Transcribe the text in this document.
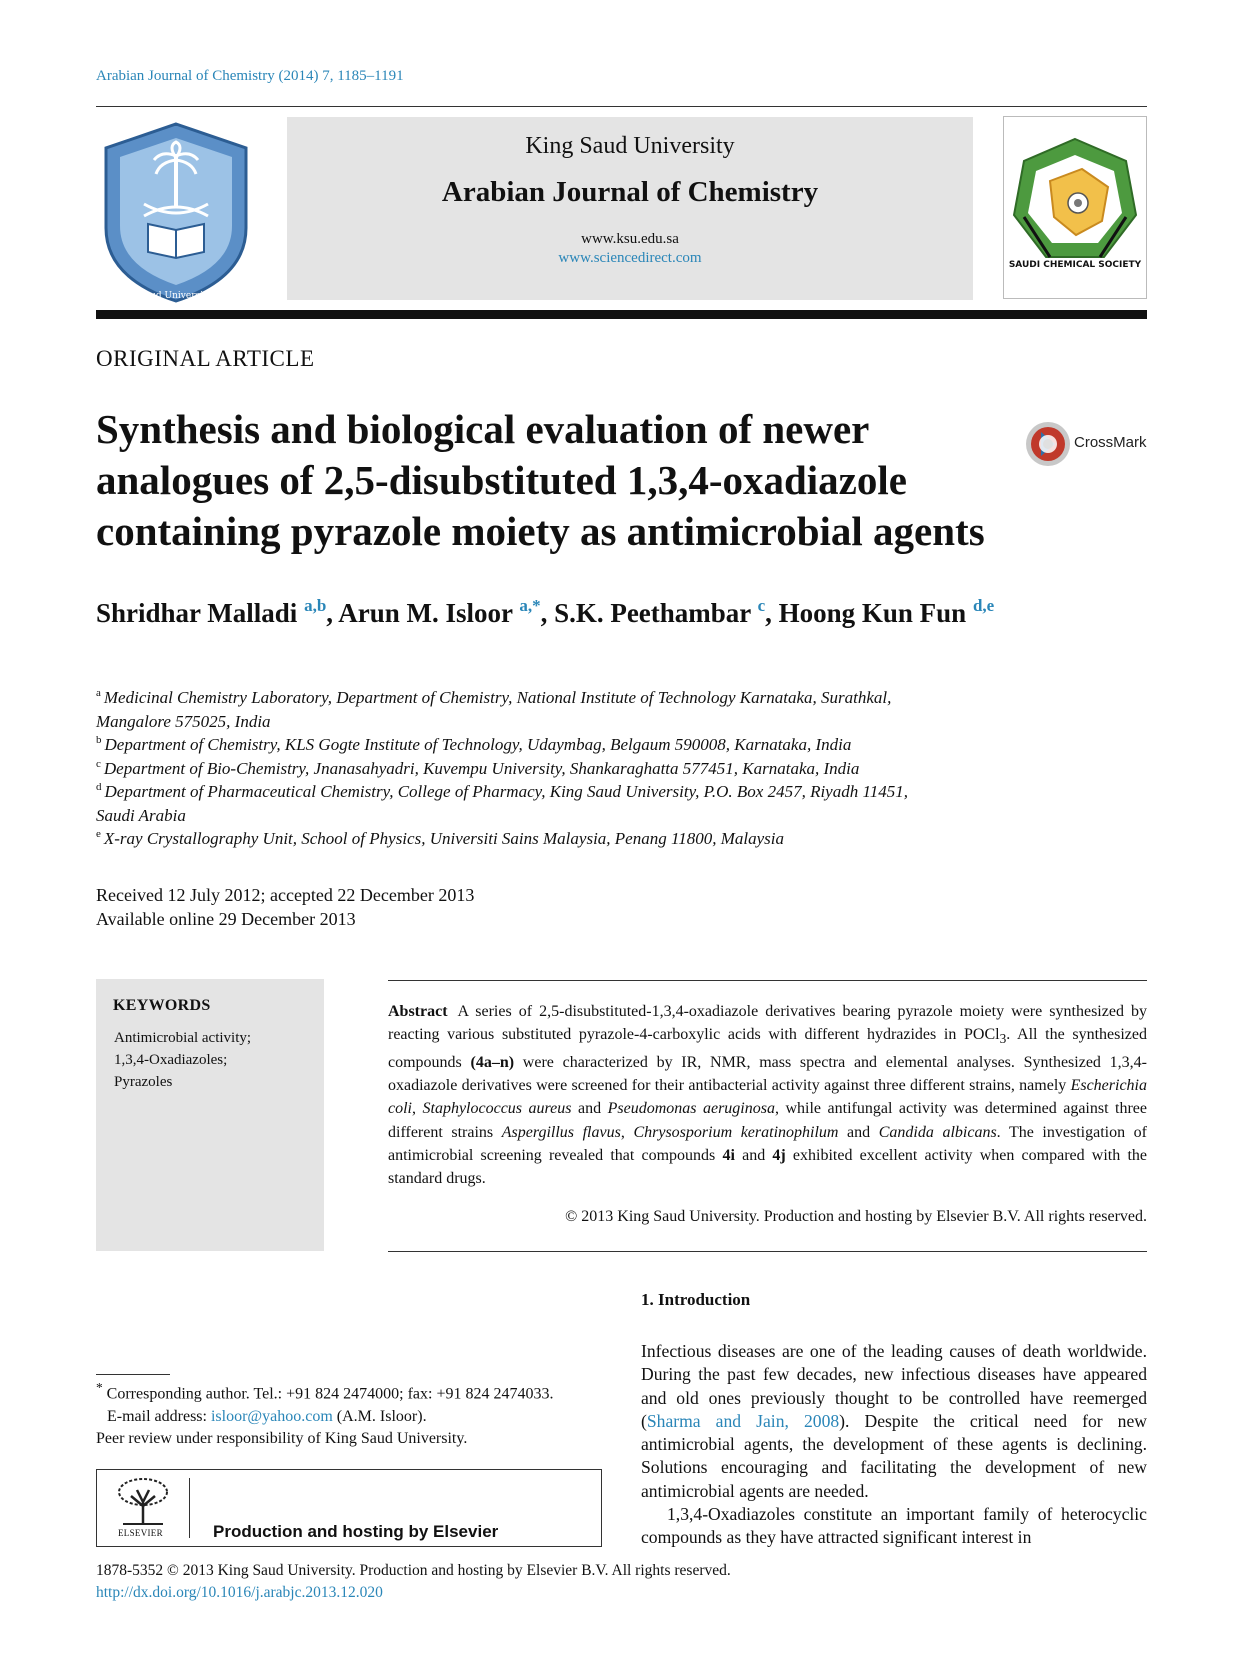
Arabian Journal of Chemistry (2014) 7, 1185–1191
King Saud University 1957
King Saud University
Arabian Journal of Chemistry
www.ksu.edu.sa
www.sciencedirect.com	SAUDI CHEMICAL SOCIETY
ORIGINAL ARTICLE
Synthesis and biological evaluation of newer analogues of 2,5-disubstituted 1,3,4-oxadiazole containing pyrazole moiety as antimicrobial agents
CrossMark
Shridhar Malladi $^{a,b}$, Arun M. Isloor $^{a,*}$, S.K. Peethambar $^c$, Hoong Kun Fun $^{d,e}$
$^a$ Medicinal Chemistry Laboratory, Department of Chemistry, National Institute of Technology Karnataka, Surathkal,
Mangalore 575025, India
$^b$ Department of Chemistry, KLS Gogte Institute of Technology, Udaymbag, Belgaum 590008, Karnataka, India
$^c$ Department of Bio-Chemistry, Jnanasahyadri, Kuvempu University, Shankaraghatta 577451, Karnataka, India
$^d$ Department of Pharmaceutical Chemistry, College of Pharmacy, King Saud University, P.O. Box 2457, Riyadh 11451,
Saudi Arabia
$^e$ X-ray Crystallography Unit, School of Physics, Universiti Sains Malaysia, Penang 11800, Malaysia
Received 12 July 2012; accepted 22 December 2013
Available online 29 December 2013
KEYWORDS
Antimicrobial activity;
1,3,4-Oxadiazoles;
Pyrazoles
Abstract A series of 2,5-disubstituted-1,3,4-oxadiazole derivatives bearing pyrazole moiety were synthesized by reacting various substituted pyrazole-4-carboxylic acids with different hydrazides in POCl$_3$. All the synthesized compounds (4a–n) were characterized by IR, NMR, mass spectra and elemental analyses. Synthesized 1,3,4-oxadiazole derivatives were screened for their antibacterial activity against three different strains, namely Escherichia coli, Staphylococcus aureus and Pseudomonas aeruginosa, while antifungal activity was determined against three different strains Aspergillus flavus, Chrysosporium keratinophilum and Candida albicans. The investigation of antimicrobial screening revealed that compounds 4i and 4j exhibited excellent activity when compared with the standard drugs.
© 2013 King Saud University. Production and hosting by Elsevier B.V. All rights reserved.
1. Introduction
Infectious diseases are one of the leading causes of death worldwide. During the past few decades, new infectious diseases have appeared and old ones previously thought to be controlled have reemerged (Sharma and Jain, 2008). Despite the critical need for new antimicrobial agents, the development of these agents is declining. Solutions encouraging and facilitating the development of new antimicrobial agents are needed.
1,3,4-Oxadiazoles constitute an important family of heterocyclic compounds as they have attracted significant interest in
* Corresponding author. Tel.: +91 824 2474000; fax: +91 824 2474033.
E-mail address: isloor@yahoo.com (A.M. Isloor).
Peer review under responsibility of King Saud University.
ELSEVIER	Production and hosting by Elsevier
1878-5352 © 2013 King Saud University. Production and hosting by Elsevier B.V. All rights reserved.
http://dx.doi.org/10.1016/j.arabjc.2013.12.020
